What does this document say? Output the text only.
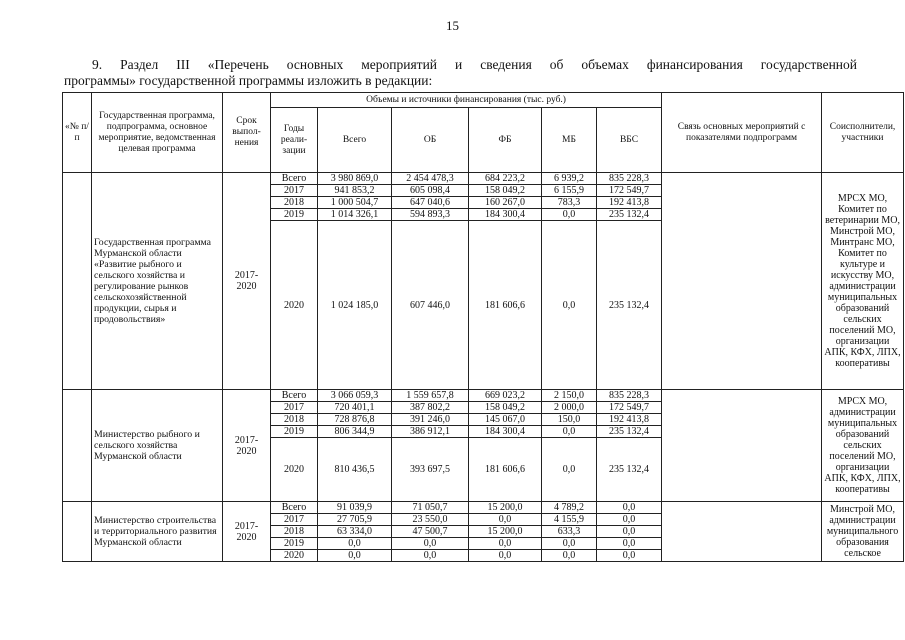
15
9. Раздел III «Перечень основных мероприятий и сведения об объемах финансирования государственной
программы» государственной программы изложить в редакции:
«№ п/п	Государственная программа, подпрограмма, основное мероприятие, ведомственная целевая программа	Срок выпол-нения	Объемы и источники финансирования (тыс. руб.)						Связь основных мероприятий с показателями подпрограмм	Соисполнители, участники
			Годы реали-зации	Всего	ОБ	ФБ	МБ	ВБС		
	Государственная программа Мурманской области «Развитие рыбного и сельского хозяйства и регулирование рынков сельскохозяйственной продукции, сырья и продовольствия»	2017-2020	Всего	3 980 869,0	2 454 478,3	684 223,2	6 939,2	835 228,3		МРСХ МО, Комитет по ветеринарии МО, Минстрой МО, Минтранс МО, Комитет по культуре и искусству МО, администрации муниципальных образований сельских поселений МО, организации АПК, КФХ, ЛПХ, кооперативы
			2017	941 853,2	605 098,4	158 049,2	6 155,9	172 549,7		
			2018	1 000 504,7	647 040,6	160 267,0	783,3	192 413,8		
			2019	1 014 326,1	594 893,3	184 300,4	0,0	235 132,4		
			2020	1 024 185,0	607 446,0	181 606,6	0,0	235 132,4		
	Министерство рыбного и сельского хозяйства Мурманской области	2017-2020	Всего	3 066 059,3	1 559 657,8	669 023,2	2 150,0	835 228,3		МРСХ МО, администрации муниципальных образований сельских поселений МО, организации АПК, КФХ, ЛПХ, кооперативы
			2017	720 401,1	387 802,2	158 049,2	2 000,0	172 549,7		
			2018	728 876,8	391 246,0	145 067,0	150,0	192 413,8		
			2019	806 344,9	386 912,1	184 300,4	0,0	235 132,4		
			2020	810 436,5	393 697,5	181 606,6	0,0	235 132,4		
	Министерство строительства и территориального развития Мурманской области	2017-2020	Всего	91 039,9	71 050,7	15 200,0	4 789,2	0,0		Минстрой МО, администрации муниципального образования сельское
			2017	27 705,9	23 550,0	0,0	4 155,9	0,0		
			2018	63 334,0	47 500,7	15 200,0	633,3	0,0		
			2019	0,0	0,0	0,0	0,0	0,0		
			2020	0,0	0,0	0,0	0,0	0,0		
